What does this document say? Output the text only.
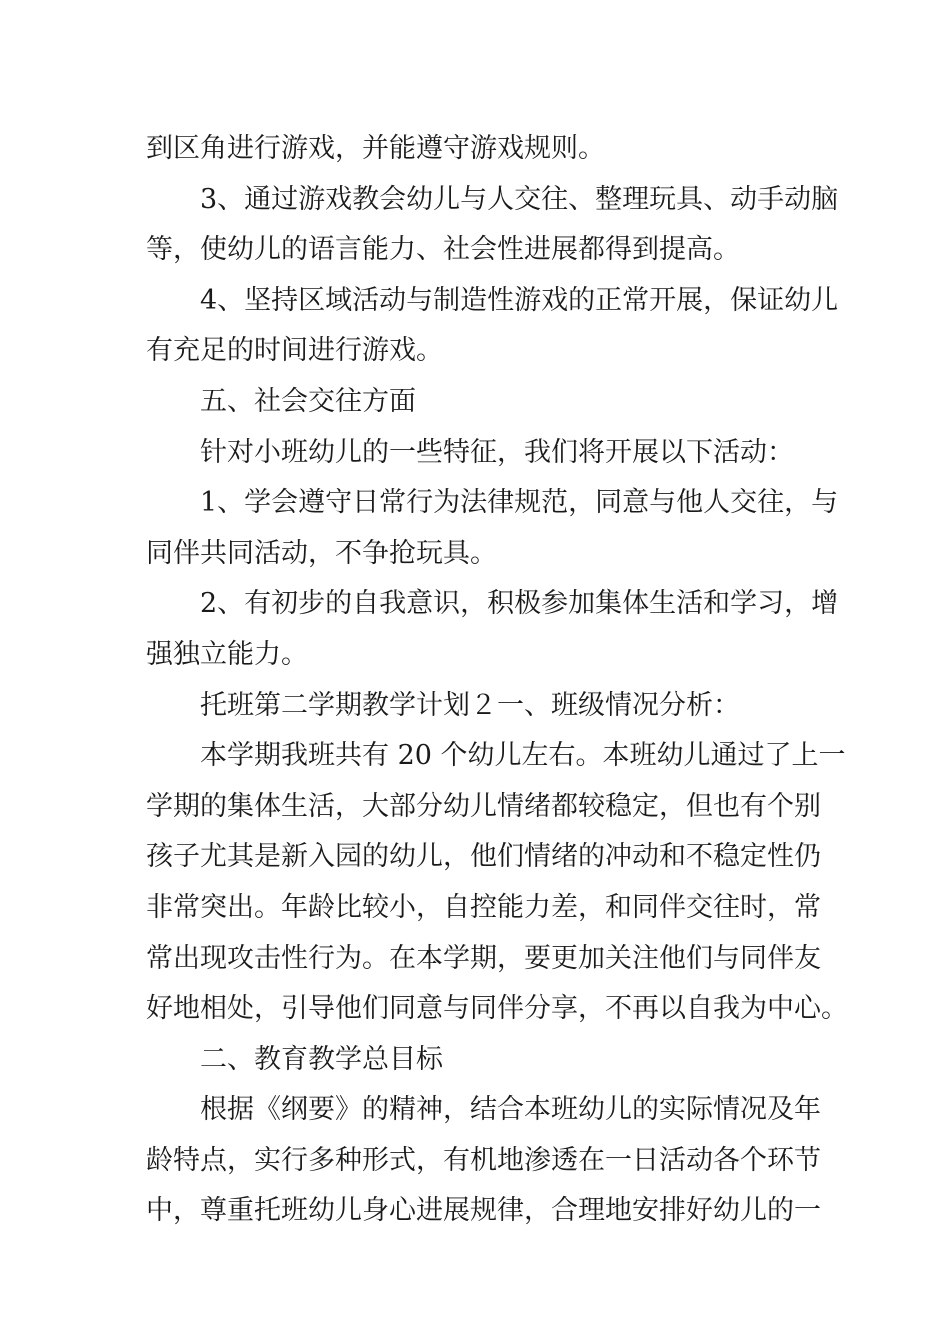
到区角进行游戏，并能遵守游戏规则。
3、通过游戏教会幼儿与人交往、整理玩具、动手动脑
等，使幼儿的语言能力、社会性进展都得到提高。
4、坚持区域活动与制造性游戏的正常开展，保证幼儿
有充足的时间进行游戏。
五、社会交往方面
针对小班幼儿的一些特征，我们将开展以下活动：
1、学会遵守日常行为法律规范，同意与他人交往，与
同伴共同活动，不争抢玩具。
2、有初步的自我意识，积极参加集体生活和学习，增
强独立能力。
托班第二学期教学计划２一、班级情况分析：
本学期我班共有 20 个幼儿左右。本班幼儿通过了上一
学期的集体生活，大部分幼儿情绪都较稳定，但也有个别
孩子尤其是新入园的幼儿，他们情绪的冲动和不稳定性仍
非常突出。年龄比较小，自控能力差，和同伴交往时，常
常出现攻击性行为。在本学期，要更加关注他们与同伴友
好地相处，引导他们同意与同伴分享，不再以自我为中心。
二、教育教学总目标
根据《纲要》的精神，结合本班幼儿的实际情况及年
龄特点，实行多种形式，有机地渗透在一日活动各个环节
中，尊重托班幼儿身心进展规律，合理地安排好幼儿的一
